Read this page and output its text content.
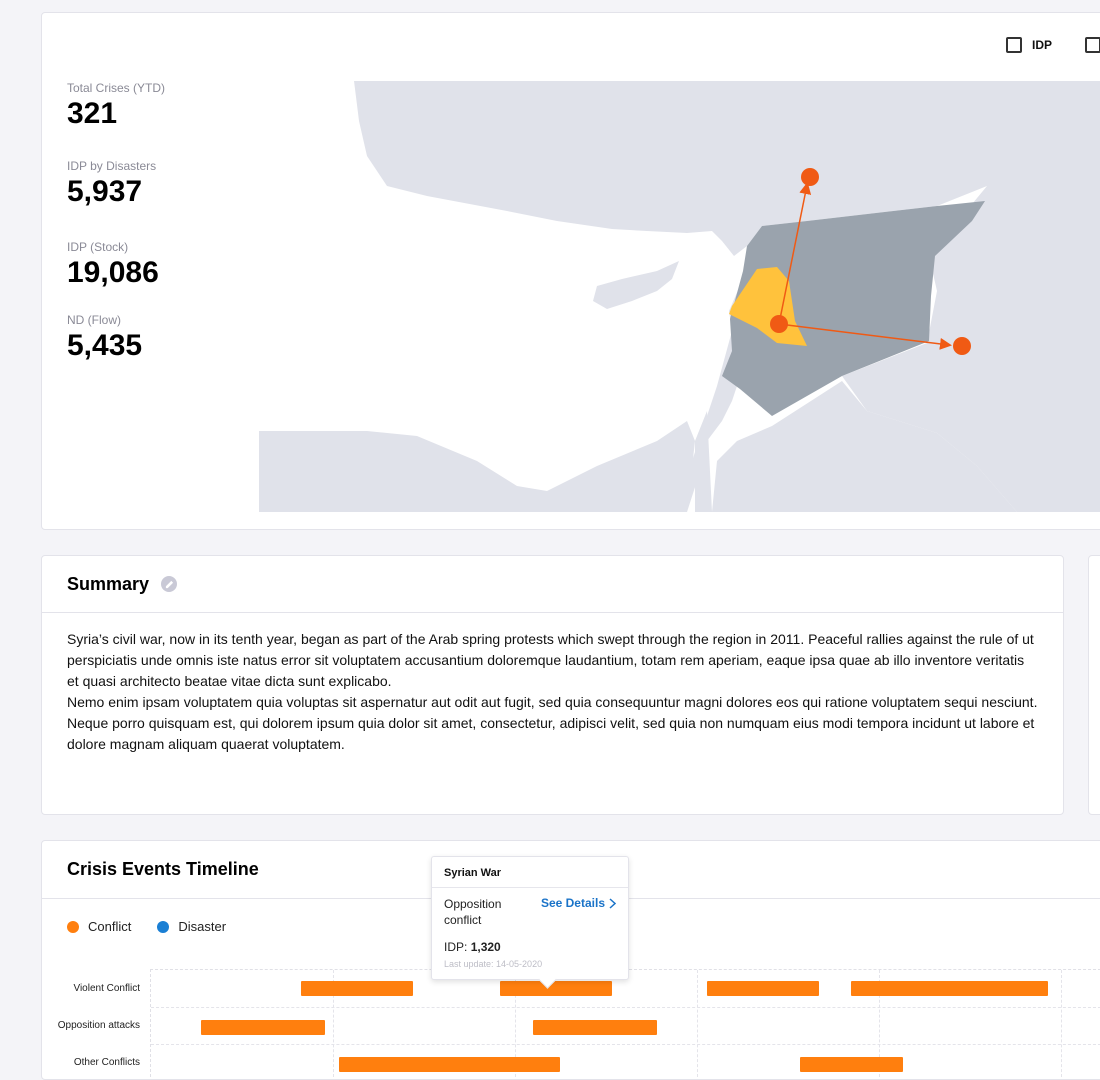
IDP
Total Crises (YTD)
321
IDP by Disasters
5,937
IDP (Stock)
19,086
ND (Flow)
5,435
Summary

Syria’s civil war, now in its tenth year, began as part of the Arab spring protests which swept through the region in 2011. Peaceful rallies against the rule of ut perspiciatis unde omnis iste natus error sit voluptatem accusantium doloremque laudantium, totam rem aperiam, eaque ipsa quae ab illo inventore veritatis et quasi architecto beatae vitae dicta sunt explicabo.

Nemo enim ipsam voluptatem quia voluptas sit aspernatur aut odit aut fugit, sed quia consequuntur magni dolores eos qui ratione voluptatem sequi nesciunt. Neque porro quisquam est, qui dolorem ipsum quia dolor sit amet, consectetur, adipisci velit, sed quia non numquam eius modi tempora incidunt ut labore et dolore magnam aliquam quaerat voluptatem.

Crisis Events Timeline
Conflict	Disaster
Violent Conflict
Opposition attacks
Other Conflicts
Syrian War
Opposition conflict
See Details
IDP: 1,320
Last update: 14-05-2020
